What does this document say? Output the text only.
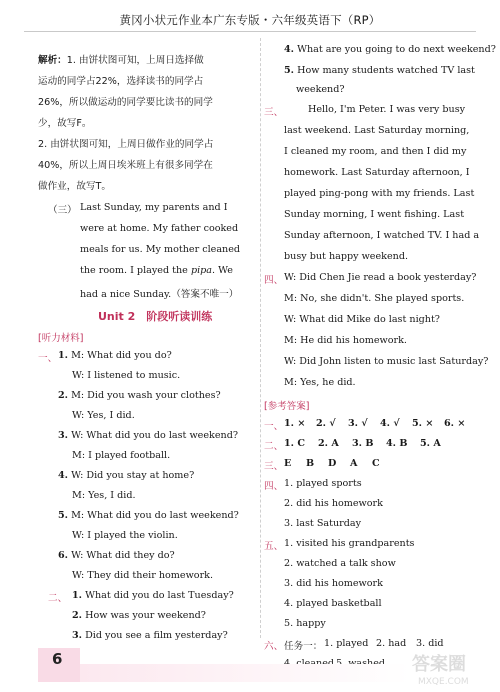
黄冈小状元作业本广东专版・六年级英语下（RP）
解析：1. 由饼状图可知，上周日选择做
运动的同学占22%，选择读书的同学占
26%，所以做运动的同学要比读书的同学
少，故写F。
2. 由饼状图可知，上周日做作业的同学占
40%，所以上周日埃米班上有很多同学在
做作业，故写T。
（三） Last Sunday, my parents and I
were at home. My father cooked
meals for us. My mother cleaned
the room. I played the pipa. We
had a nice Sunday.（答案不唯一）
Unit 2　阶段听读训练
[听力材料]
一、 1. M: What did you do?
W: I listened to music.
2. M: Did you wash your clothes?
W: Yes, I did.
3. W: What did you do last weekend?
M: I played football.
4. W: Did you stay at home?
M: Yes, I did.
5. M: What did you do last weekend?
W: I played the violin.
6. W: What did they do?
W: They did their homework.
二、 1. What did you do last Tuesday?
2. How was your weekend?
3. Did you see a film yesterday?
4. What are you going to do next weekend?
5. How many students watched TV last
weekend?
三、	Hello, I'm Peter. I was very busy
last weekend. Last Saturday morning,
I cleaned my room, and then I did my
homework. Last Saturday afternoon, I
played ping-pong with my friends. Last
Sunday morning, I went fishing. Last
Sunday afternoon, I watched TV. I had a
busy but happy weekend.
四、 W: Did Chen Jie read a book yesterday?
M: No, she didn't. She played sports.
W: What did Mike do last night?
M: He did his homework.
W: Did John listen to music last Saturday?
M: Yes, he did.
[参考答案]
一、 1. × 2. √ 3. √ 4. √ 5. × 6. ×
二、 1. C 2. A 3. B 4. B 5. A
三、 E B D A C
四、 1. played sports
2. did his homework
3. last Saturday
五、 1. visited his grandparents
2. watched a talk show
3. did his homework
4. played basketball
5. happy
六、 任务一： 1. played 2. had 3. did
6	答案圈
MXQE.COM
